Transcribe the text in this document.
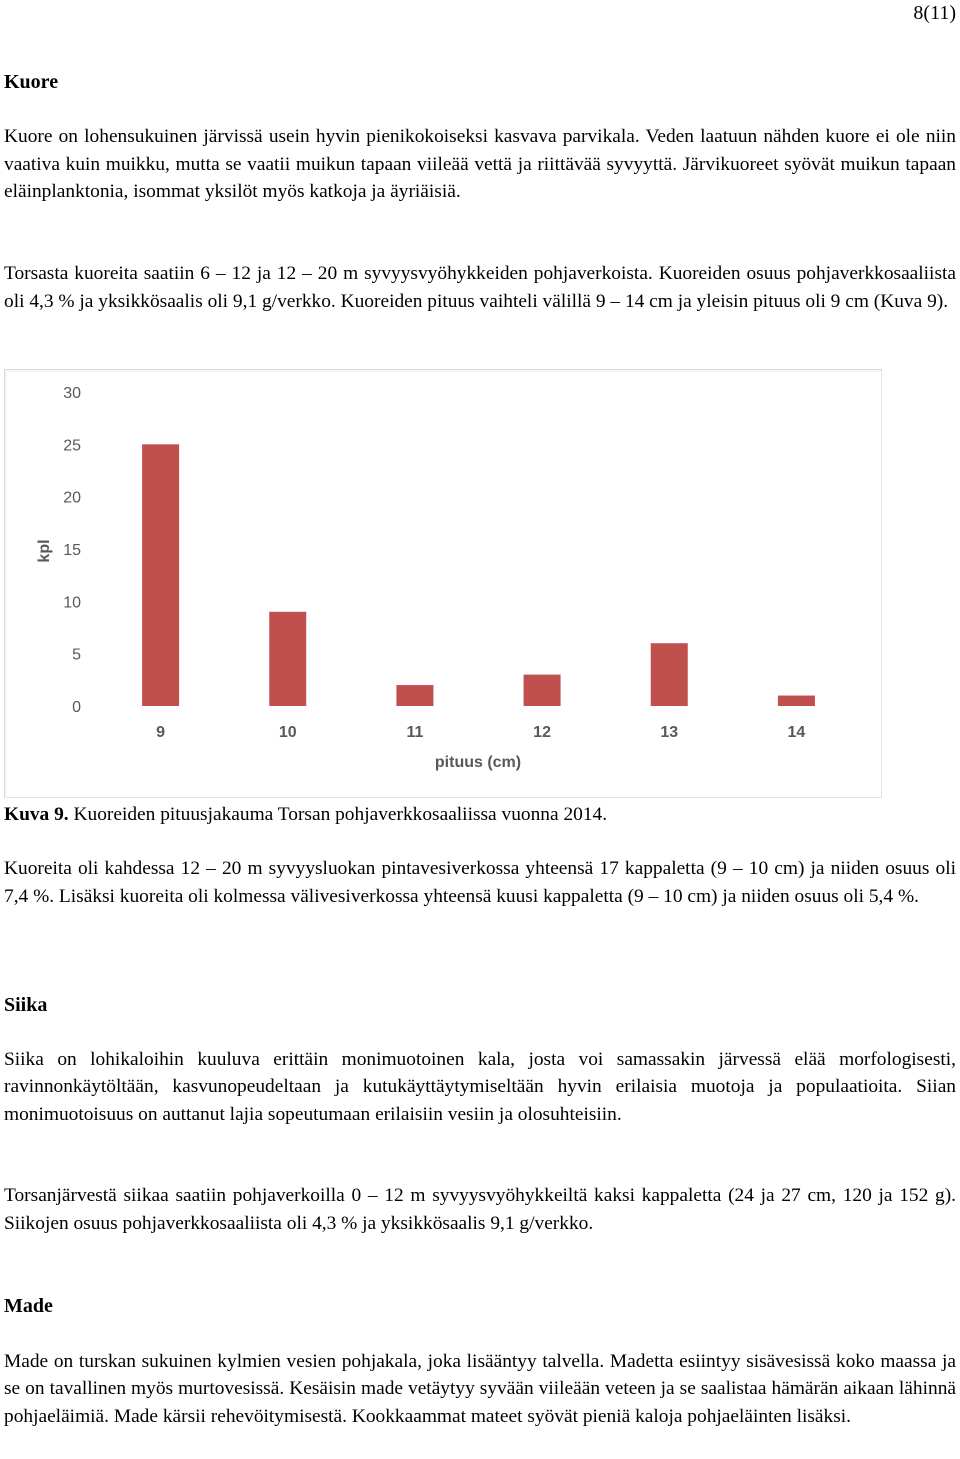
8(11)
Kuore

Kuore on lohensukuinen järvissä usein hyvin pienikokoiseksi kasvava parvikala. Veden laatuun nähden kuore ei ole niin vaativa kuin muikku, mutta se vaatii muikun tapaan viileää vettä ja riittävää syvyyttä. Järvikuoreet syövät muikun tapaan eläinplanktonia, isommat yksilöt myös katkoja ja äyriäisiä.

Torsasta kuoreita saatiin 6 – 12 ja 12 – 20 m syvyysvyöhykkeiden pohjaverkoista. Kuoreiden osuus pohjaverkkosaaliista oli 4,3 % ja yksikkösaalis oli 9,1 g/verkko. Kuoreiden pituus vaihteli välillä 9 – 14 cm ja yleisin pituus oli 9 cm (Kuva 9).

0
5
10
15
20
25
30
9	10	11	12	13	14
kpl
pituus (cm)

Kuva 9. Kuoreiden pituusjakauma Torsan pohjaverkkosaaliissa vuonna 2014.

Kuoreita oli kahdessa 12 – 20 m syvyysluokan pintavesiverkossa yhteensä 17 kappaletta (9 – 10 cm) ja niiden osuus oli 7,4 %. Lisäksi kuoreita oli kolmessa välivesiverkossa yhteensä kuusi kappaletta (9 – 10 cm) ja niiden osuus oli 5,4 %.

Siika

Siika on lohikaloihin kuuluva erittäin monimuotoinen kala, josta voi samassakin järvessä elää morfologisesti, ravinnonkäytöltään, kasvunopeudeltaan ja kutukäyttäytymiseltään hyvin erilaisia muotoja ja populaatioita. Siian monimuotoisuus on auttanut lajia sopeutumaan erilaisiin vesiin ja olosuhteisiin.

Torsanjärvestä siikaa saatiin pohjaverkoilla 0 – 12 m syvyysvyöhykkeiltä kaksi kappaletta (24 ja 27 cm, 120 ja 152 g). Siikojen osuus pohjaverkkosaaliista oli 4,3 % ja yksikkösaalis 9,1 g/verkko.

Made

Made on turskan sukuinen kylmien vesien pohjakala, joka lisääntyy talvella. Madetta esiintyy sisävesissä koko maassa ja se on tavallinen myös murtovesissä. Kesäisin made vetäytyy syvään viileään veteen ja se saalistaa hämärän aikaan lähinnä pohjaeläimiä. Made kärsii rehevöitymisestä. Kookkaammat mateet syövät pieniä kaloja pohjaeläinten lisäksi.
